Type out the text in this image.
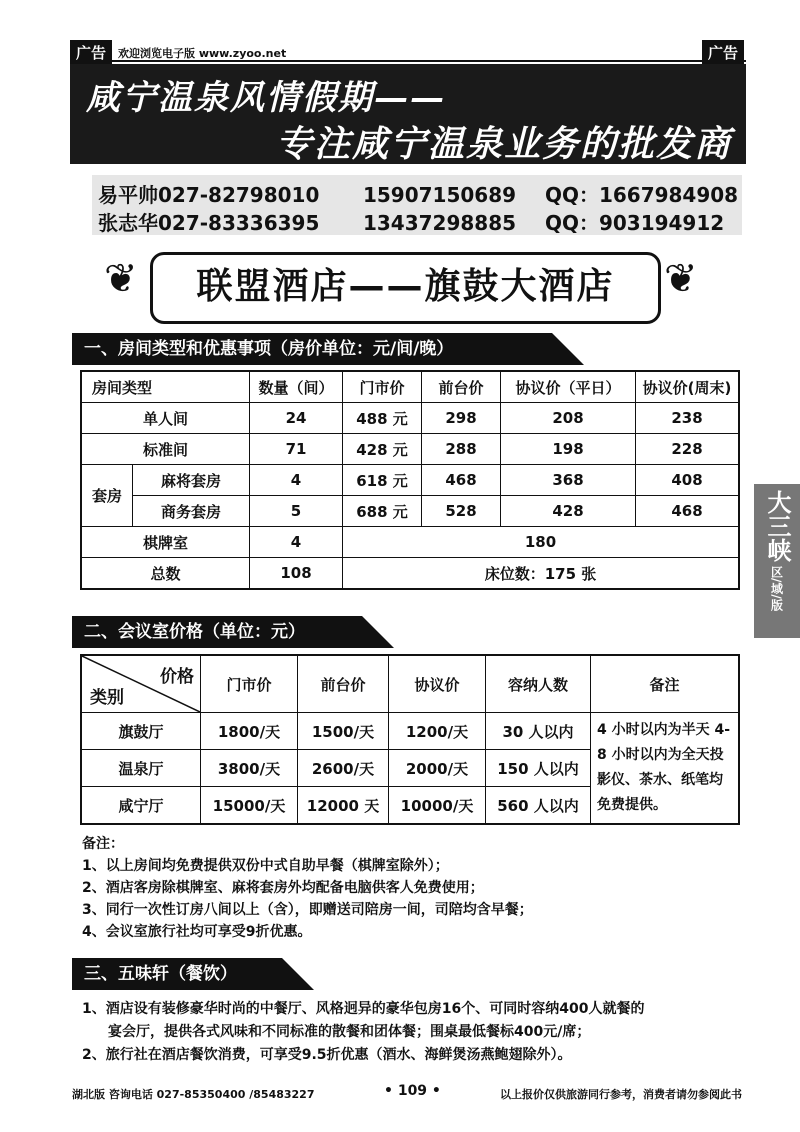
广告	欢迎浏览电子版 www.zyoo.net	广告
咸宁温泉风情假期——
专注咸宁温泉业务的批发商
易平帅027-82798010 15907150689 QQ：1667984908
张志华027-83336395 13437298885 QQ：903194912
❦	联盟酒店——旗鼓大酒店	❦
一、房间类型和优惠事项（房价单位：元/间/晚）
房间类型		数量（间）	门市价	前台价	协议价（平日）	协议价(周末)
单人间		24	488 元	298	208	238
标准间		71	428 元	288	198	228
套房	麻将套房	4	618 元	468	368	408
	商务套房	5	688 元	528	428	468
棋牌室		4	180			
总数		108	床位数：175 张			
二、会议室价格（单位：元）
价格
类别	门市价	前台价	协议价	容纳人数	备注
旗鼓厅	1800/天	1500/天	1200/天	30 人以内	4 小时以内为半天 4-8 小时以内为全天投影仪、茶水、纸笔均免费提供。
温泉厅	3800/天	2600/天	2000/天	150 人以内	
咸宁厅	15000/天	12000 天	10000/天	560 人以内	
备注：
1、以上房间均免费提供双份中式自助早餐（棋牌室除外）；
2、酒店客房除棋牌室、麻将套房外均配备电脑供客人免费使用；
3、同行一次性订房八间以上（含），即赠送司陪房一间，司陪均含早餐；
4、会议室旅行社均可享受9折优惠。
三、五味轩（餐饮）
1、酒店设有装修豪华时尚的中餐厅、风格迥异的豪华包房16个、可同时容纳400人就餐的
宴会厅，提供各式风味和不同标准的散餐和团体餐；围桌最低餐标400元/席；
2、旅行社在酒店餐饮消费，可享受9.5折优惠（酒水、海鲜煲汤燕鲍翅除外）。
大三峡 区/域/版
湖北版 咨询电话 027-85350400 /85483227	• 109 •	以上报价仅供旅游同行参考，消费者请勿参阅此书
